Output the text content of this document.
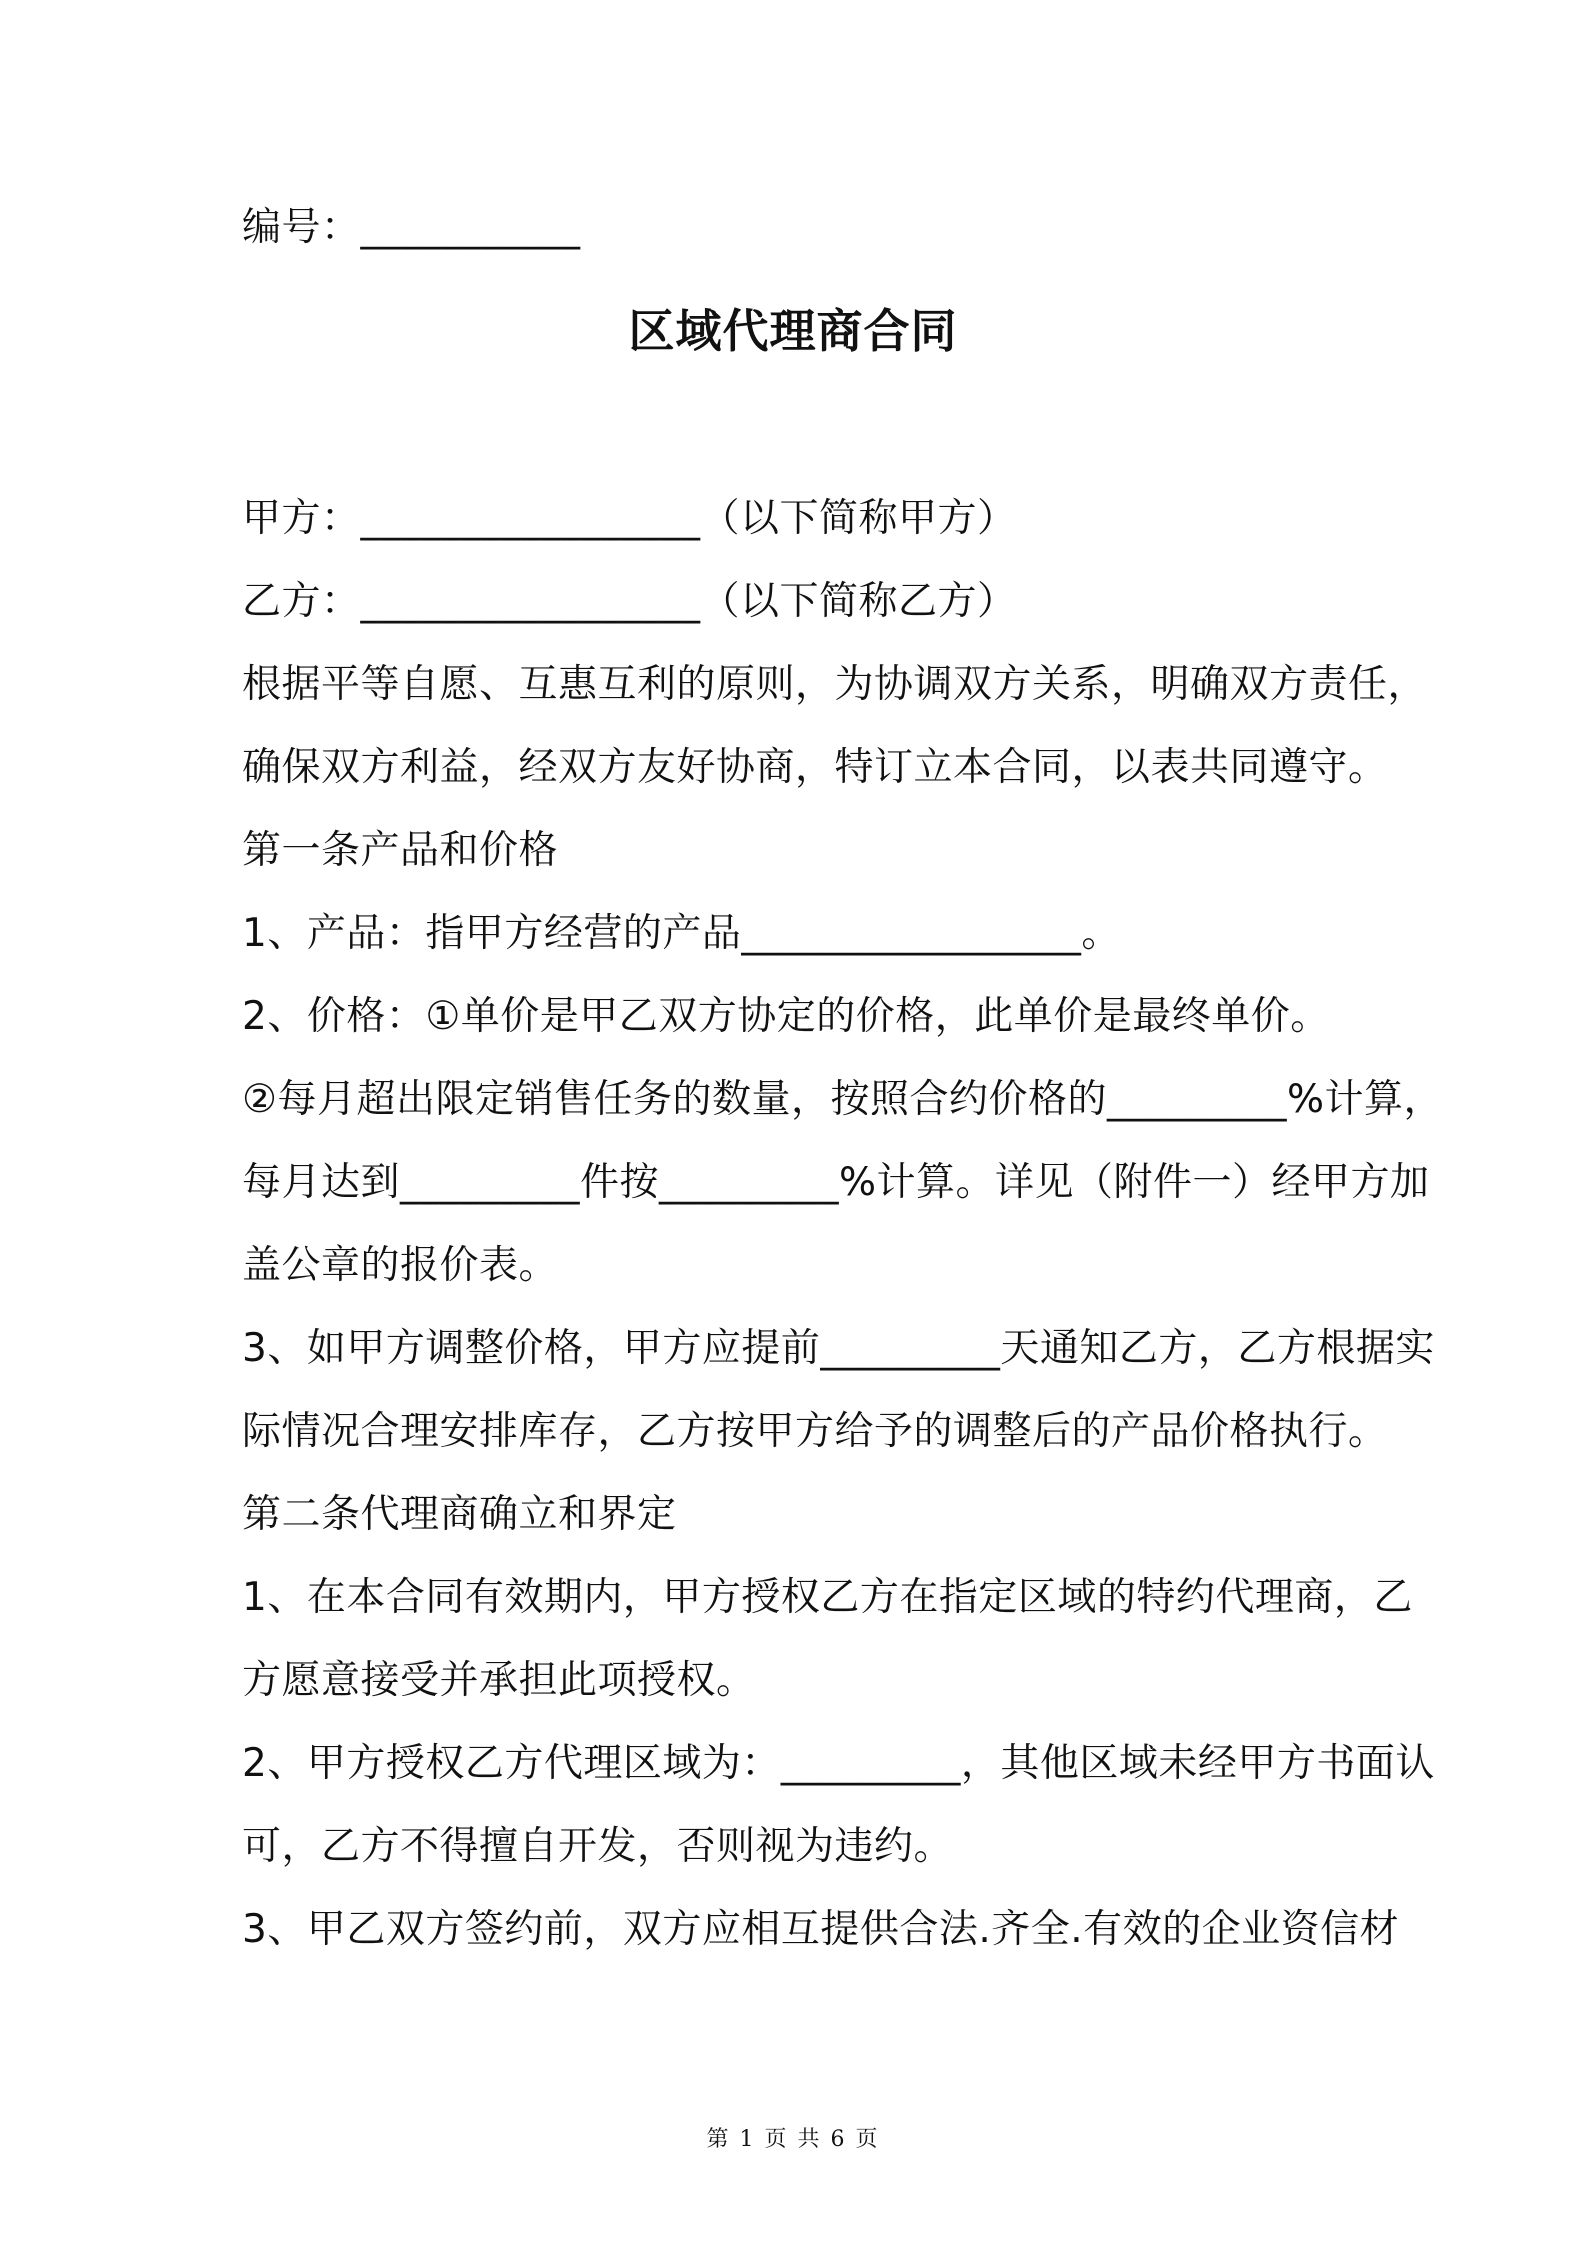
编号：___________
区域代理商合同
甲方：_________________（以下简称甲方）
乙方：_________________（以下简称乙方）
根据平等自愿、互惠互利的原则，为协调双方关系，明确双方责任，
确保双方利益，经双方友好协商，特订立本合同，以表共同遵守。
第一条产品和价格
1、产品：指甲方经营的产品_________________。
2、价格：①单价是甲乙双方协定的价格，此单价是最终单价。
②每月超出限定销售任务的数量，按照合约价格的_________%计算，
每月达到_________件按_________%计算。详见（附件一）经甲方加
盖公章的报价表。
3、如甲方调整价格，甲方应提前_________天通知乙方，乙方根据实
际情况合理安排库存，乙方按甲方给予的调整后的产品价格执行。
第二条代理商确立和界定
1、在本合同有效期内，甲方授权乙方在指定区域的特约代理商，乙
方愿意接受并承担此项授权。
2、甲方授权乙方代理区域为：_________，其他区域未经甲方书面认
可，乙方不得擅自开发，否则视为违约。
3、甲乙双方签约前，双方应相互提供合法.齐全.有效的企业资信材
第 1 页 共 6 页
